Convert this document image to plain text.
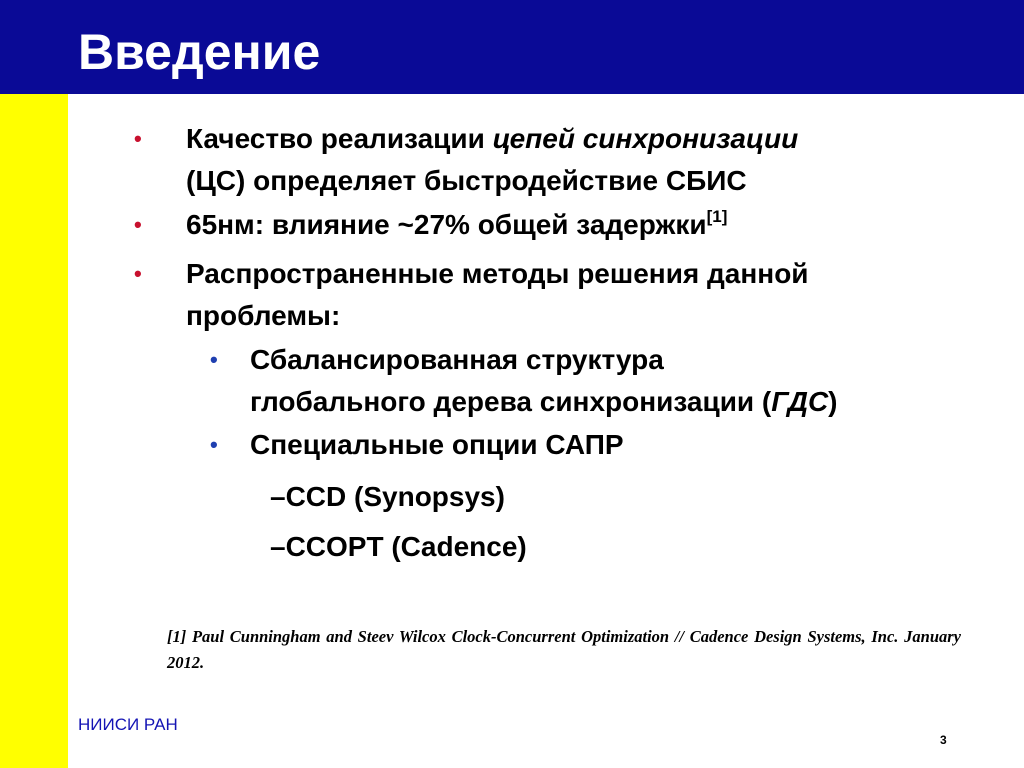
Введение
• Качество реализации цепей синхронизации
(ЦС) определяет быстродействие СБИС
• 65нм: влияние ~27% общей задержки[1]
• Распространенные методы решения данной
проблемы:
• Сбалансированная структура
глобального дерева синхронизации (ГДС)
• Специальные опции САПР
–CCD (Synopsys)
–CCOPT (Cadence)

[1] Paul Cunningham and Steev Wilcox Clock-Concurrent Optimization // Cadence Design Systems, Inc. January 2012.

НИИСИ РАН
3
